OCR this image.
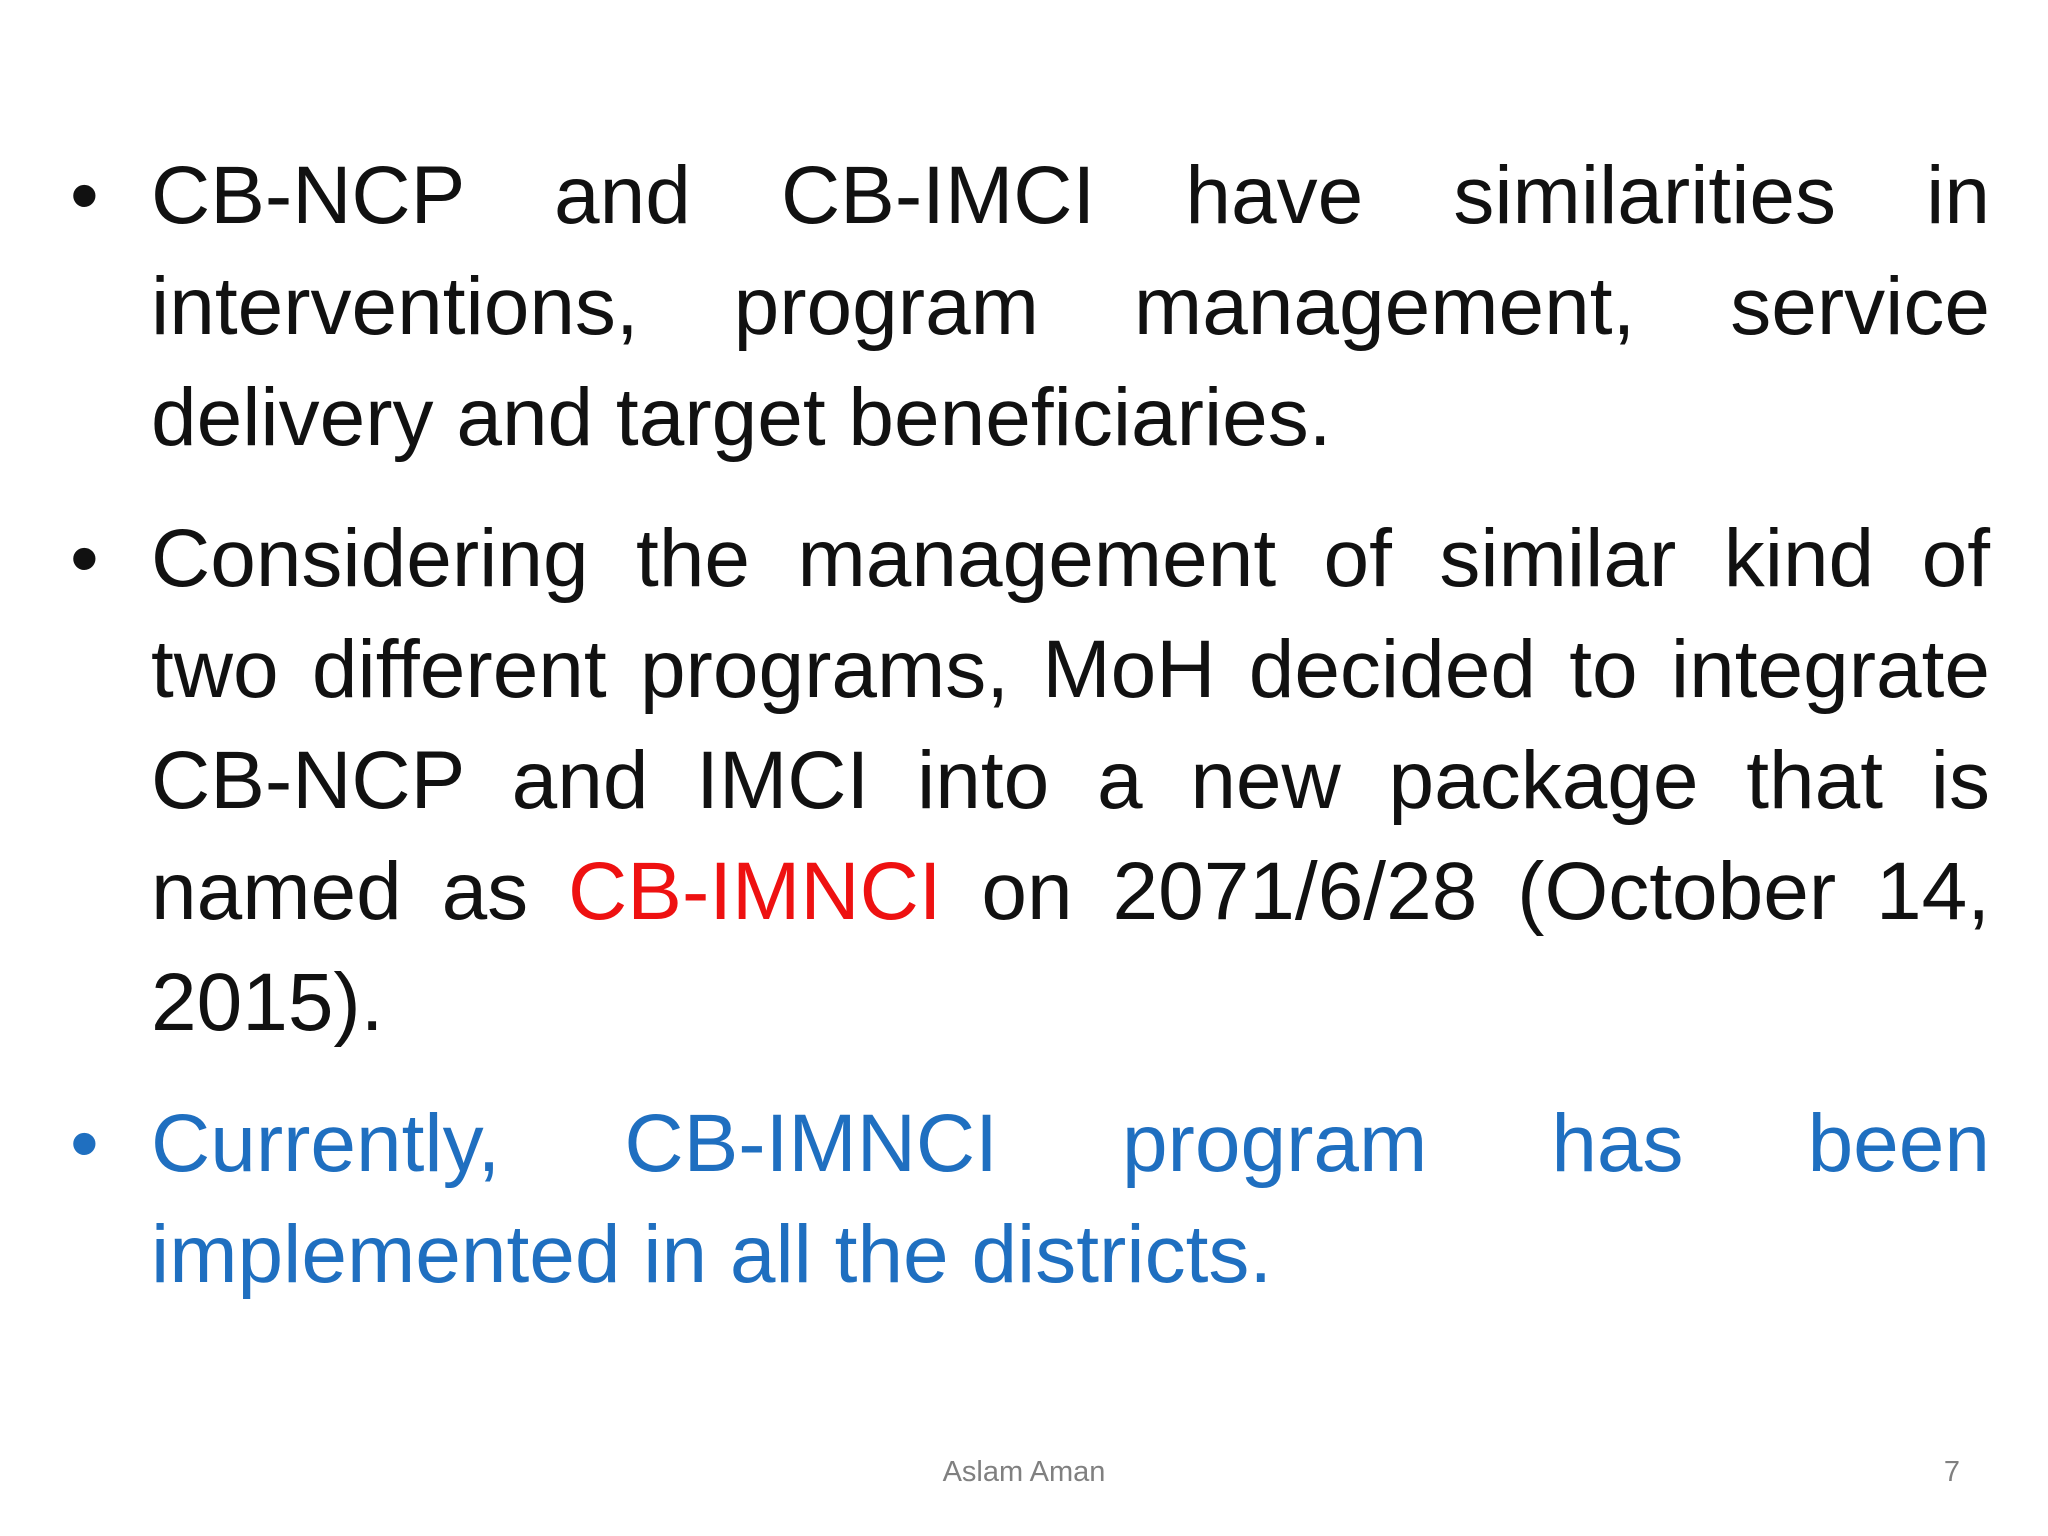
• CB-NCP and CB-IMCI have similarities in interventions, program management, service delivery and target beneficiaries.
• Considering the management of similar kind of two different programs, MoH decided to integrate CB-NCP and IMCI into a new package that is named as CB-IMNCI on 2071/6/28 (October 14, 2015).
• Currently, CB-IMNCI program has been implemented in all the districts.
Aslam Aman	7
